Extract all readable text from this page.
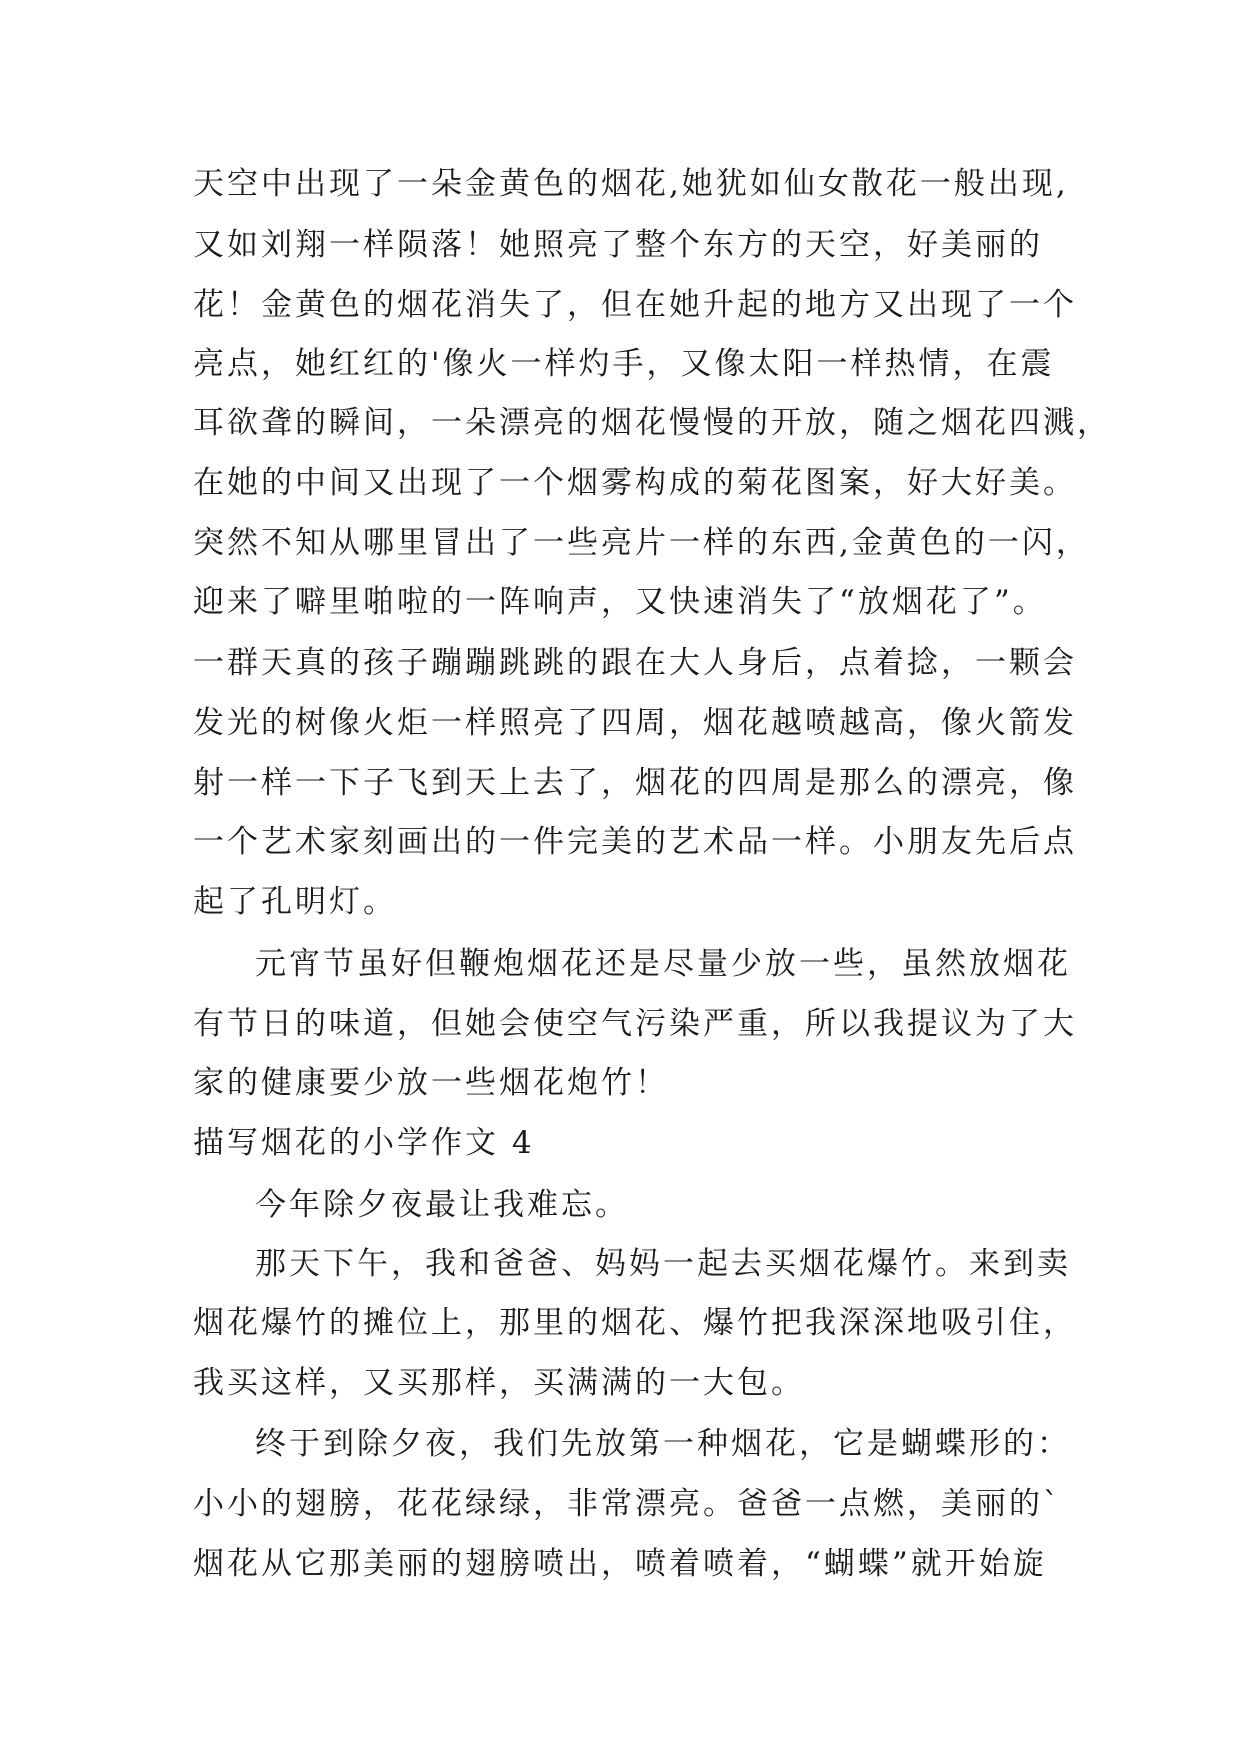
天空中出现了一朵金黄色的烟花,她犹如仙女散花一般出现,
又如刘翔一样陨落！她照亮了整个东方的天空，好美丽的
花！金黄色的烟花消失了，但在她升起的地方又出现了一个
亮点，她红红的'像火一样灼手，又像太阳一样热情，在震
耳欲聋的瞬间，一朵漂亮的烟花慢慢的开放，随之烟花四溅，
在她的中间又出现了一个烟雾构成的菊花图案，好大好美。
突然不知从哪里冒出了一些亮片一样的东西,金黄色的一闪，
迎来了噼里啪啦的一阵响声，又快速消失了“放烟花了”。
一群天真的孩子蹦蹦跳跳的跟在大人身后，点着捻，一颗会
发光的树像火炬一样照亮了四周，烟花越喷越高，像火箭发
射一样一下子飞到天上去了，烟花的四周是那么的漂亮，像
一个艺术家刻画出的一件完美的艺术品一样。小朋友先后点
起了孔明灯。
元宵节虽好但鞭炮烟花还是尽量少放一些，虽然放烟花
有节日的味道，但她会使空气污染严重，所以我提议为了大
家的健康要少放一些烟花炮竹！
描写烟花的小学作文 4
今年除夕夜最让我难忘。
那天下午，我和爸爸、妈妈一起去买烟花爆竹。来到卖
烟花爆竹的摊位上，那里的烟花、爆竹把我深深地吸引住，
我买这样，又买那样，买满满的一大包。
终于到除夕夜，我们先放第一种烟花，它是蝴蝶形的：
小小的翅膀，花花绿绿，非常漂亮。爸爸一点燃，美丽的`
烟花从它那美丽的翅膀喷出，喷着喷着，“蝴蝶”就开始旋
